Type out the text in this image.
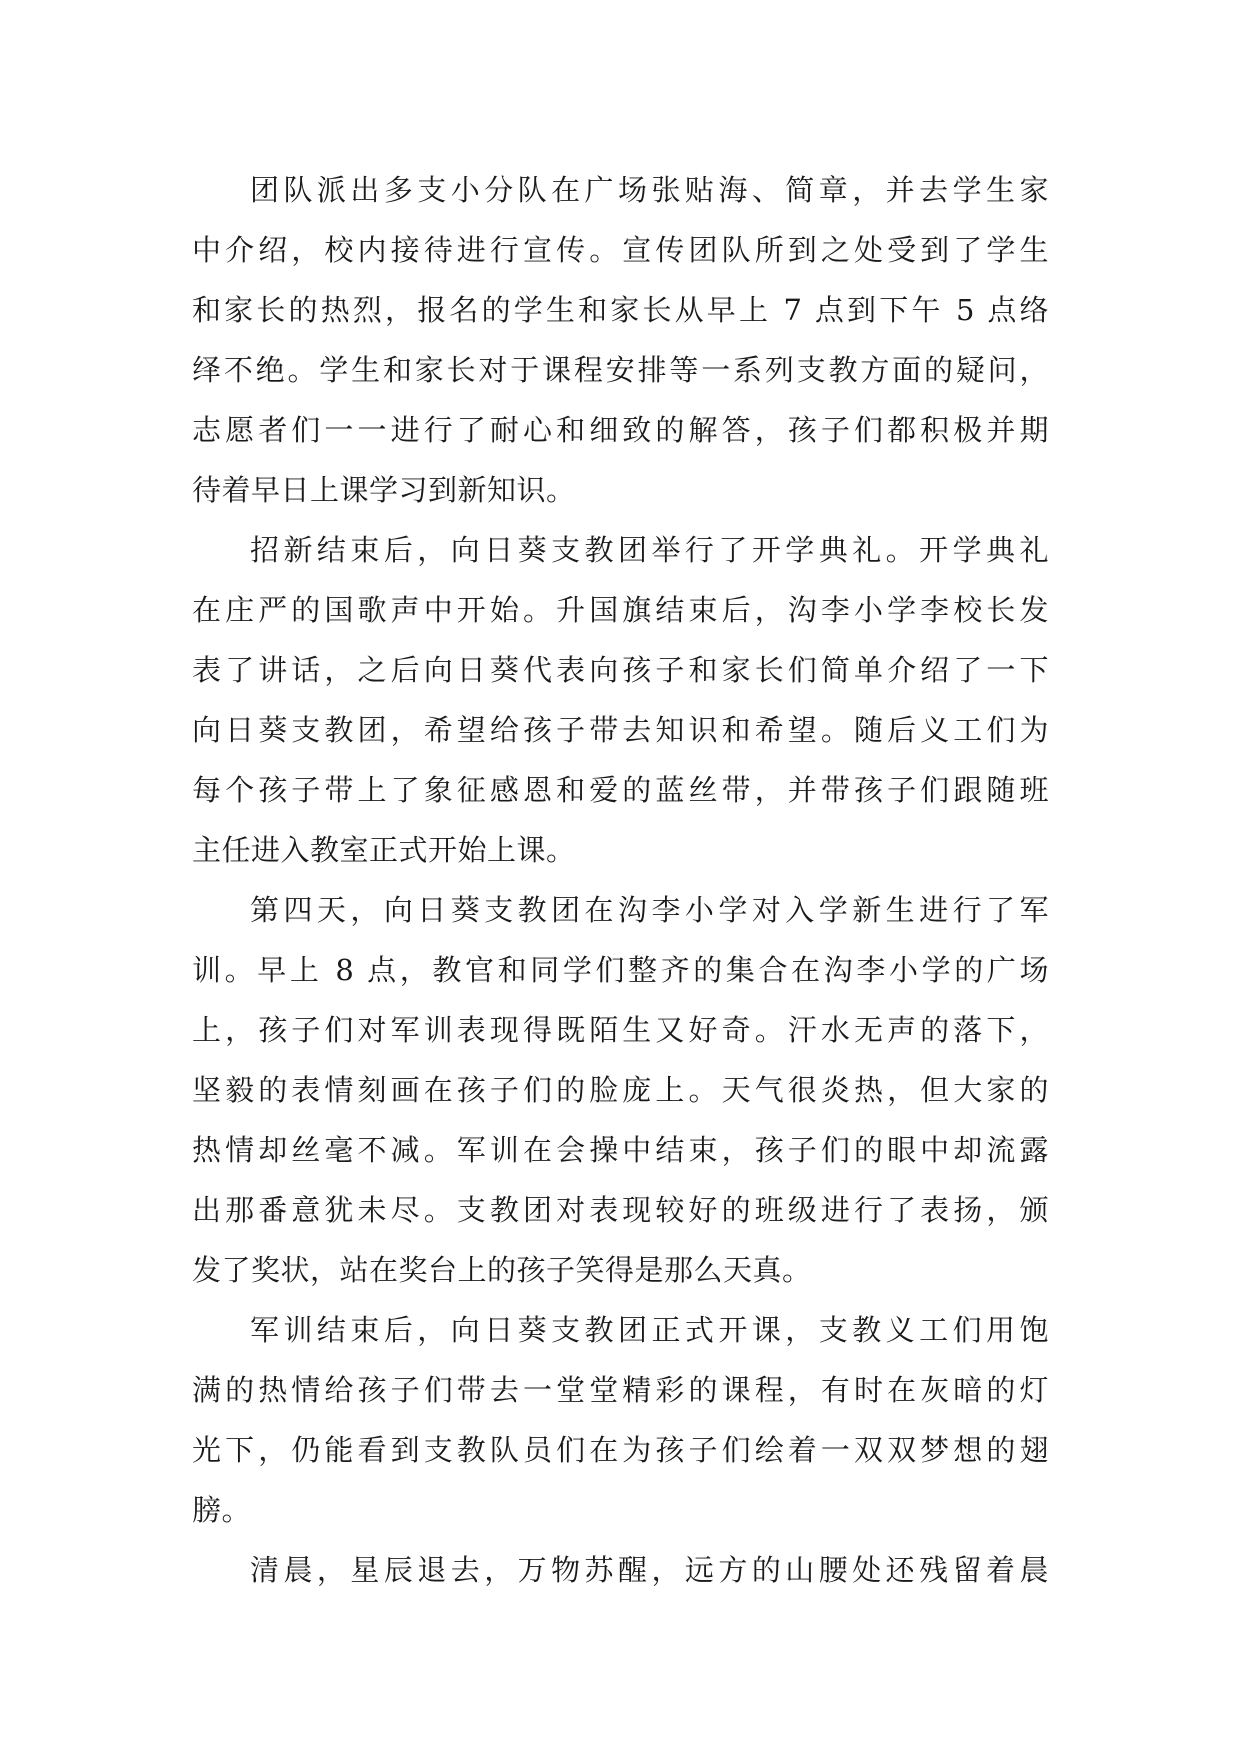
团队派出多支小分队在广场张贴海、简章，并去学生家
中介绍，校内接待进行宣传。宣传团队所到之处受到了学生
和家长的热烈，报名的学生和家长从早上 7 点到下午 5 点络
绎不绝。学生和家长对于课程安排等一系列支教方面的疑问，
志愿者们一一进行了耐心和细致的解答，孩子们都积极并期
待着早日上课学习到新知识。
招新结束后，向日葵支教团举行了开学典礼。开学典礼
在庄严的国歌声中开始。升国旗结束后，沟李小学李校长发
表了讲话，之后向日葵代表向孩子和家长们简单介绍了一下
向日葵支教团，希望给孩子带去知识和希望。随后义工们为
每个孩子带上了象征感恩和爱的蓝丝带，并带孩子们跟随班
主任进入教室正式开始上课。
第四天，向日葵支教团在沟李小学对入学新生进行了军
训。早上 8 点，教官和同学们整齐的集合在沟李小学的广场
上，孩子们对军训表现得既陌生又好奇。汗水无声的落下，
坚毅的表情刻画在孩子们的脸庞上。天气很炎热，但大家的
热情却丝毫不减。军训在会操中结束，孩子们的眼中却流露
出那番意犹未尽。支教团对表现较好的班级进行了表扬，颁
发了奖状，站在奖台上的孩子笑得是那么天真。
军训结束后，向日葵支教团正式开课，支教义工们用饱
满的热情给孩子们带去一堂堂精彩的课程，有时在灰暗的灯
光下，仍能看到支教队员们在为孩子们绘着一双双梦想的翅
膀。
清晨，星辰退去，万物苏醒，远方的山腰处还残留着晨
